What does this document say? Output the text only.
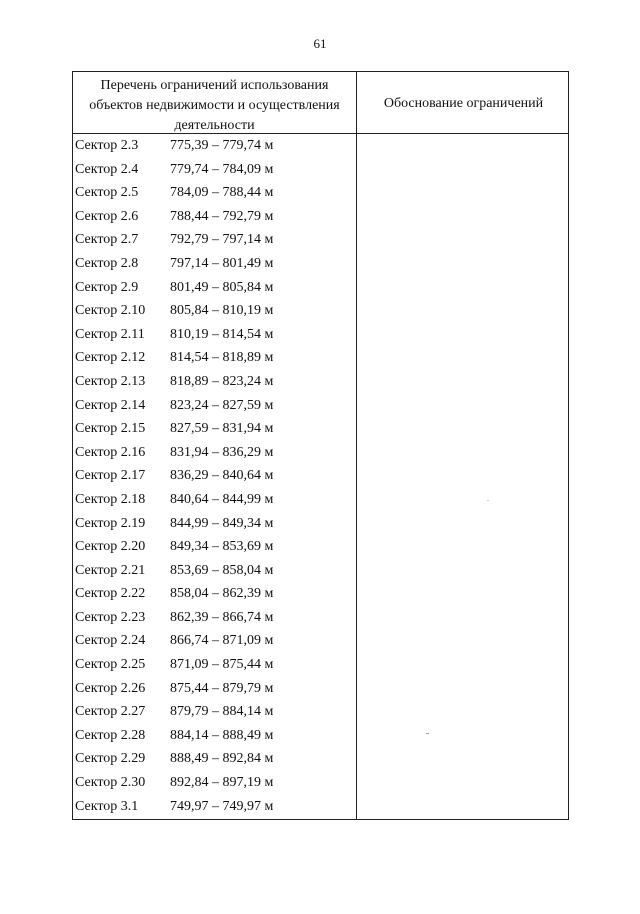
61
Перечень ограничений использования
объектов недвижимости и осуществления
деятельности
Обоснование ограничений
Сектор 2.3 775,39 – 779,74 м
Сектор 2.4 779,74 – 784,09 м
Сектор 2.5 784,09 – 788,44 м
Сектор 2.6 788,44 – 792,79 м
Сектор 2.7 792,79 – 797,14 м
Сектор 2.8 797,14 – 801,49 м
Сектор 2.9 801,49 – 805,84 м
Сектор 2.10 805,84 – 810,19 м
Сектор 2.11 810,19 – 814,54 м
Сектор 2.12 814,54 – 818,89 м
Сектор 2.13 818,89 – 823,24 м
Сектор 2.14 823,24 – 827,59 м
Сектор 2.15 827,59 – 831,94 м
Сектор 2.16 831,94 – 836,29 м
Сектор 2.17 836,29 – 840,64 м
Сектор 2.18 840,64 – 844,99 м
Сектор 2.19 844,99 – 849,34 м
Сектор 2.20 849,34 – 853,69 м
Сектор 2.21 853,69 – 858,04 м
Сектор 2.22 858,04 – 862,39 м
Сектор 2.23 862,39 – 866,74 м
Сектор 2.24 866,74 – 871,09 м
Сектор 2.25 871,09 – 875,44 м
Сектор 2.26 875,44 – 879,79 м
Сектор 2.27 879,79 – 884,14 м
Сектор 2.28 884,14 – 888,49 м
Сектор 2.29 888,49 – 892,84 м
Сектор 2.30 892,84 – 897,19 м
Сектор 3.1 749,97 – 749,97 м
